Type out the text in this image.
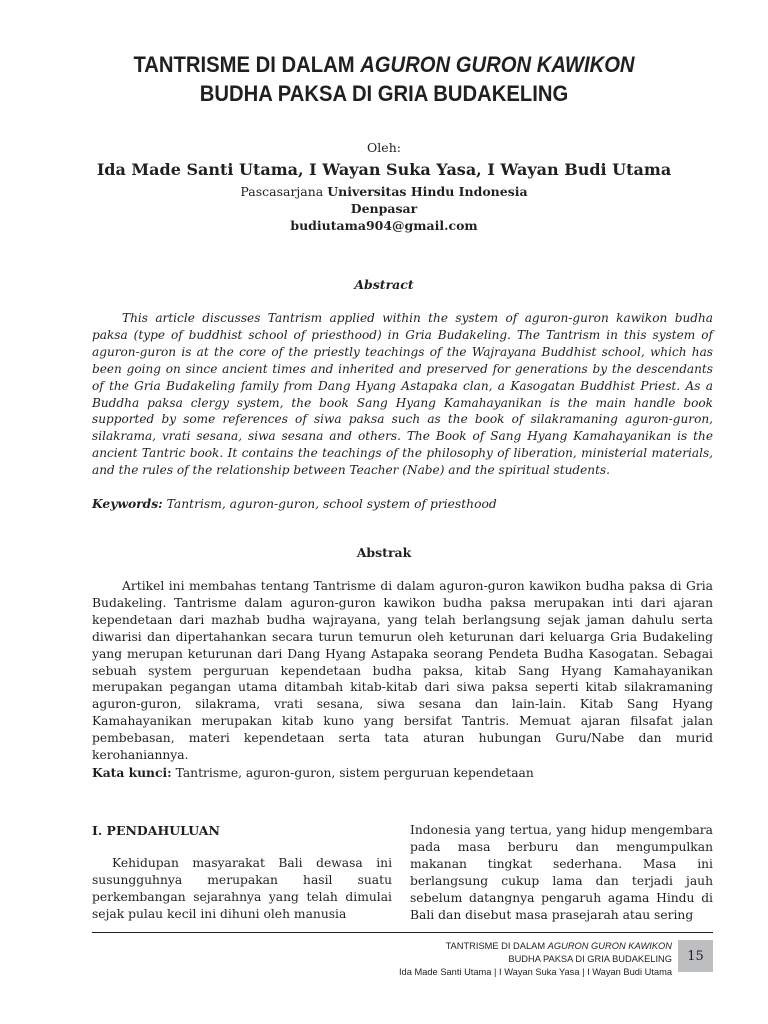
TANTRISME DI DALAM AGURON GURON KAWIKON
BUDHA PAKSA DI GRIA BUDAKELING
Oleh:
Ida Made Santi Utama, I Wayan Suka Yasa, I Wayan Budi Utama
Pascasarjana Universitas Hindu Indonesia
Denpasar
budiutama904@gmail.com
Abstract

This article discusses Tantrism applied within the system of aguron-guron kawikon budha paksa (type of buddhist school of priesthood) in Gria Budakeling. The Tantrism in this system of aguron-guron is at the core of the priestly teachings of the Wajrayana Buddhist school, which has been going on since ancient times and inherited and preserved for generations by the descendants of the Gria Budakeling family from Dang Hyang Astapaka clan, a Kasogatan Buddhist Priest. As a Buddha paksa clergy system, the book Sang Hyang Kamahayanikan is the main handle book supported by some references of siwa paksa such as the book of silakramaning aguron-guron, silakrama, vrati sesana, siwa sesana and others. The Book of Sang Hyang Kamahayanikan is the ancient Tantric book. It contains the teachings of the philosophy of liberation, ministerial materials, and the rules of the relationship between Teacher (Nabe) and the spiritual students.

Keywords: Tantrism, aguron-guron, school system of priesthood

Abstrak

Artikel ini membahas tentang Tantrisme di dalam aguron-guron kawikon budha paksa di Gria Budakeling. Tantrisme dalam aguron-guron kawikon budha paksa merupakan inti dari ajaran kependetaan dari mazhab budha wajrayana, yang telah berlangsung sejak jaman dahulu serta diwarisi dan dipertahankan secara turun temurun oleh keturunan dari keluarga Gria Budakeling yang merupan keturunan dari Dang Hyang Astapaka seorang Pendeta Budha Kasogatan. Sebagai sebuah system perguruan kependetaan budha paksa, kitab Sang Hyang Kamahayanikan merupakan pegangan utama ditambah kitab-kitab dari siwa paksa seperti kitab silakramaning aguron-guron, silakrama, vrati sesana, siwa sesana dan lain-lain. Kitab Sang Hyang Kamahayanikan merupakan kitab kuno yang bersifat Tantris. Memuat ajaran filsafat jalan pembebasan, materi kependetaan serta tata aturan hubungan Guru/Nabe dan murid kerohaniannya.

Kata kunci: Tantrisme, aguron-guron, sistem perguruan kependetaan

I. PENDAHULUAN

Kehidupan masyarakat Bali dewasa ini susungguhnya merupakan hasil suatu perkembangan sejarahnya yang telah dimulai sejak pulau kecil ini dihuni oleh manusia

Indonesia yang tertua, yang hidup mengembara pada masa berburu dan mengumpulkan makanan tingkat sederhana. Masa ini berlangsung cukup lama dan terjadi jauh sebelum datangnya pengaruh agama Hindu di Bali dan disebut masa prasejarah atau sering

TANTRISME DI DALAM AGURON GURON KAWIKON
BUDHA PAKSA DI GRIA BUDAKELING
Ida Made Santi Utama | I Wayan Suka Yasa | I Wayan Budi Utama
15
